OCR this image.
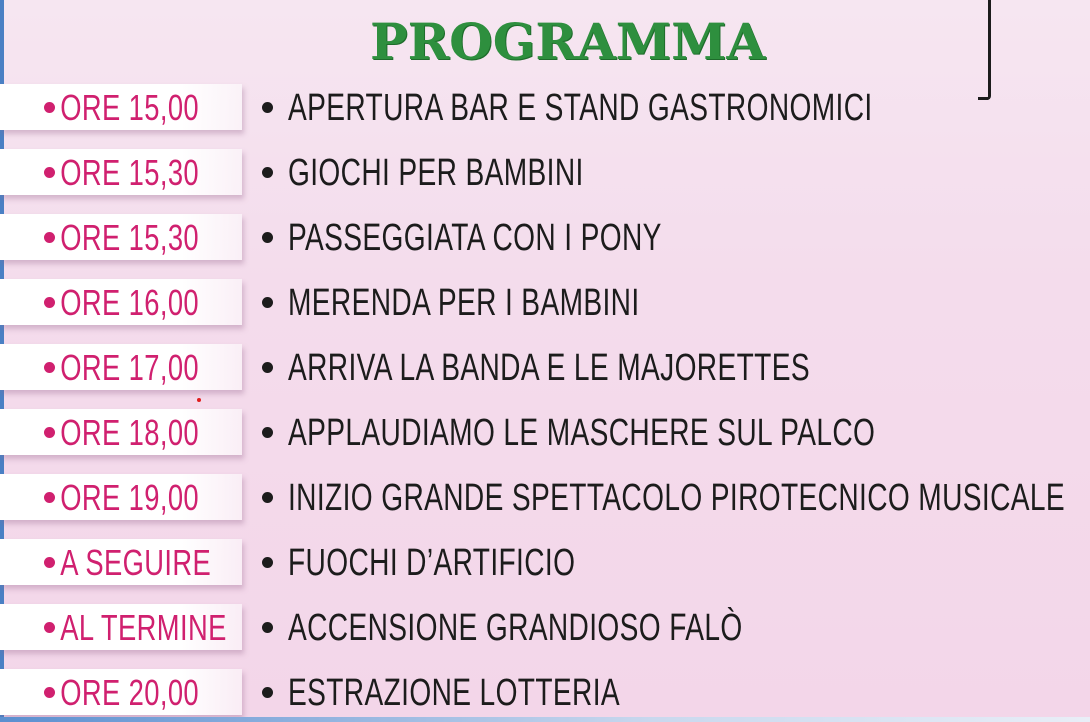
PROGRAMMA
ORE 15,00 APERTURA BAR E STAND GASTRONOMICI
ORE 15,30 GIOCHI PER BAMBINI
ORE 15,30 PASSEGGIATA CON I PONY
ORE 16,00 MERENDA PER I BAMBINI
ORE 17,00 ARRIVA LA BANDA E LE MAJORETTES
ORE 18,00 APPLAUDIAMO LE MASCHERE SUL PALCO
ORE 19,00 INIZIO GRANDE SPETTACOLO PIROTECNICO MUSICALE
A SEGUIRE FUOCHI D’ARTIFICIO
AL TERMINE ACCENSIONE GRANDIOSO FALÒ
ORE 20,00 ESTRAZIONE LOTTERIA
